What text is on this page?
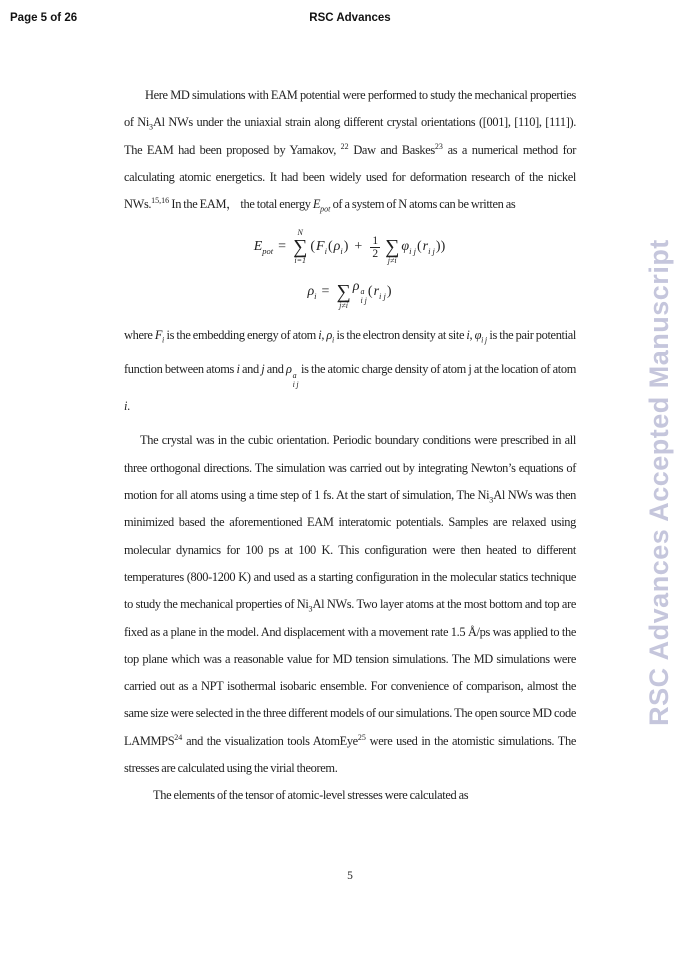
Page 5 of 26	RSC Advances

Here MD simulations with EAM potential were performed to study the mechanical properties of $Ni_3Al$ NWs under the uniaxial strain along different crystal orientations ([001], [110], [111]). The EAM had been proposed by Yamakov, $^{22}$ Daw and Baskes$^{23}$ as a numerical method for calculating atomic energetics. It had been widely used for deformation research of the nickel NWs.$^{15,16}$ In the EAM， the total energy $E_{pot}$ of a system of N atoms can be written as

$E_{pot}$ =
N
∑
i=1
( $F_i$ ( $\rho_i$ ) + $\frac{1}{2}$ ∑
j≠i
$\varphi_{i j}$ ( $r_{i j}$ ))
$\rho_i$ = ∑
j≠i
ρ a
i j
( $r_{i j}$ )

where $F_i$ is the embedding energy of atom i, $\rho_i$ is the electron density at site i, $\varphi_{i j}$ is the pair potential function between atoms i and j and ρ a
i j
is the atomic charge density of atom j at the location of atom i.

The crystal was in the cubic orientation. Periodic boundary conditions were prescribed in all three orthogonal directions. The simulation was carried out by integrating Newton’s equations of motion for all atoms using a time step of 1 fs. At the start of simulation, The $Ni_3Al$ NWs was then minimized based the aforementioned EAM interatomic potentials. Samples are relaxed using molecular dynamics for 100 ps at 100 K. This configuration were then heated to different temperatures (800-1200 K) and used as a starting configuration in the molecular statics technique to study the mechanical properties of $Ni_3Al$ NWs. Two layer atoms at the most bottom and top are fixed as a plane in the model. And displacement with a movement rate 1.5 Å/ps was applied to the top plane which was a reasonable value for MD tension simulations. The MD simulations were carried out as a NPT isothermal isobaric ensemble. For convenience of comparison, almost the same size were selected in the three different models of our simulations. The open source MD code LAMMPS$^{24}$ and the visualization tools AtomEye$^{25}$ were used in the atomistic simulations. The stresses are calculated using the virial theorem.

The elements of the tensor of atomic-level stresses were calculated as

5
RSC Advances Accepted Manuscript
